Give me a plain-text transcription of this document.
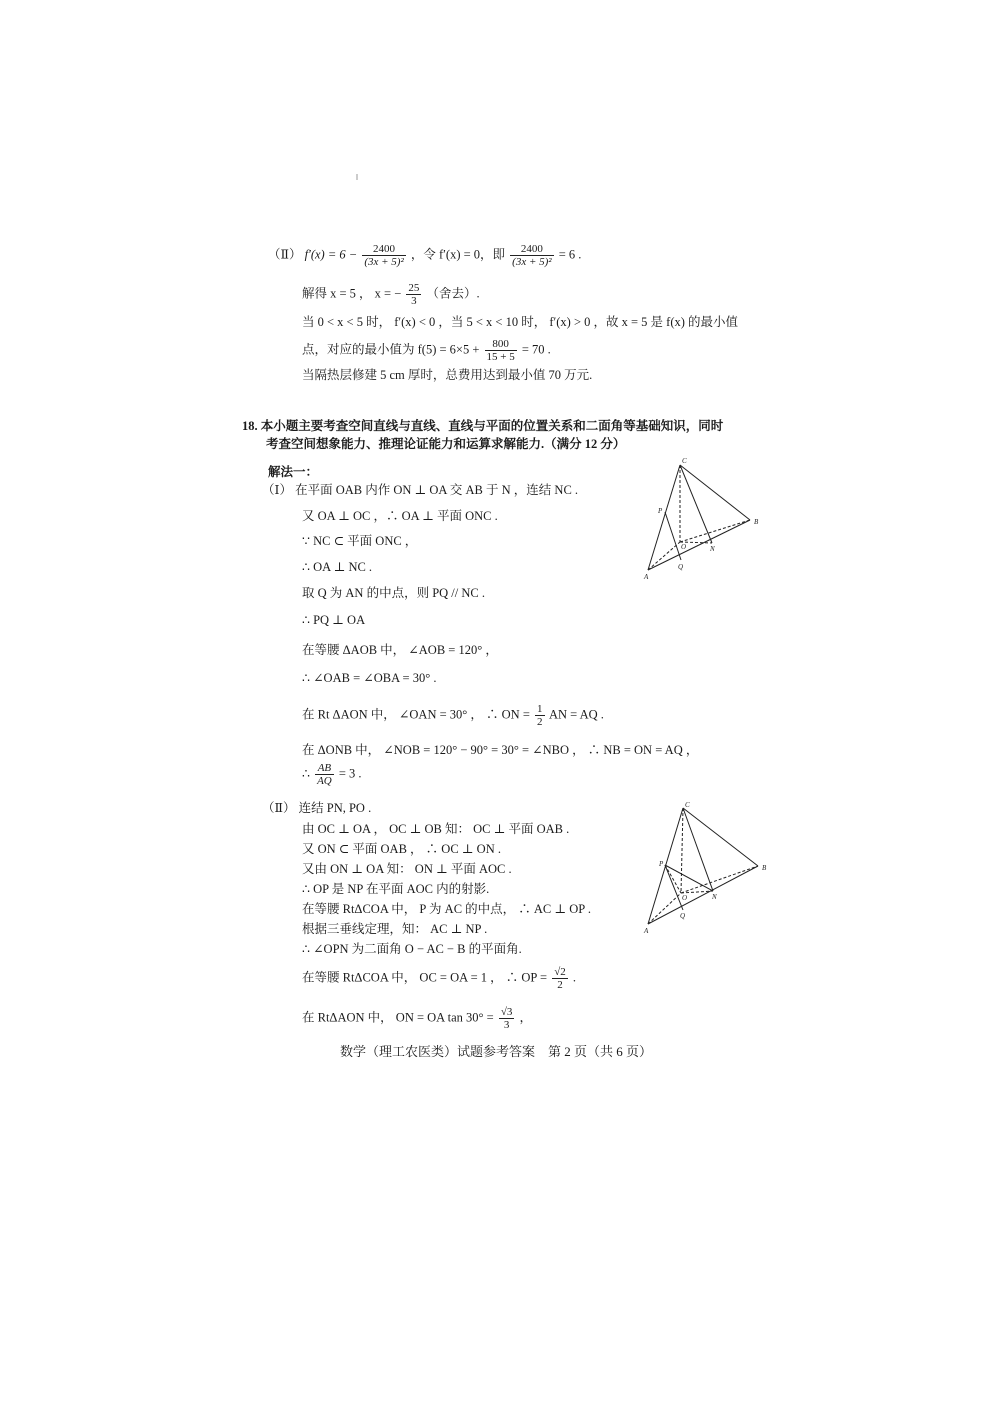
（Ⅱ） $f'(x) = 6 - \frac{2400}{\text{(3x + 5)²}}$ ，令 f′(x) = 0，即 $\frac{2400}{\text{(3x + 5)²}} = 6$ .
解得 x = 5 ， x = − $\frac{25}{3}$ （舍去）.
当 0 < x < 5 时， f′(x) < 0 ，当 5 < x < 10 时， f′(x) > 0 ，故 x = 5 是 f(x) 的最小值
点，对应的最小值为 $f(5) = 6\times 5 + \frac{800}{15 + 5} = 70$ .
当隔热层修建 5 cm 厚时，总费用达到最小值 70 万元.
18. 本小题主要考查空间直线与直线、直线与平面的位置关系和二面角等基础知识，同时
考查空间想象能力、推理论证能力和运算求解能力.（满分 12 分）
解法一：
（Ⅰ） 在平面 OAB 内作 ON ⊥ OA 交 AB 于 N ，连结 NC .
又 OA ⊥ OC ，∴ OA ⊥ 平面 ONC .
∵ NC ⊂ 平面 ONC ，
∴ OA ⊥ NC .
取 Q 为 AN 的中点，则 PQ // NC .
∴ PQ ⊥ OA
在等腰 ΔAOB 中， ∠AOB = 120° ，
∴ ∠OAB = ∠OBA = 30° .
在 Rt ΔAON 中， ∠OAN = 30° ， ∴ ON = $\frac{1}{2}$ AN = AQ .
在 ΔONB 中， ∠NOB = 120° − 90° = 30° = ∠NBO ， ∴ NB = ON = AQ ，
∴ $\frac{AB}{AQ} = 3$ .
（Ⅱ） 连结 PN, PO .
由 OC ⊥ OA ， OC ⊥ OB 知： OC ⊥ 平面 OAB .
又 ON ⊂ 平面 OAB ， ∴ OC ⊥ ON .
又由 ON ⊥ OA 知： ON ⊥ 平面 AOC .
∴ OP 是 NP 在平面 AOC 内的射影.
在等腰 RtΔCOA 中， P 为 AC 的中点， ∴ AC ⊥ OP .
根据三垂线定理，知： AC ⊥ NP .
∴ ∠OPN 为二面角 O − AC − B 的平面角.
在等腰 RtΔCOA 中， OC = OA = 1 ， ∴ OP = $\frac{√2}{2}$ .
在 RtΔAON 中， ON = OA $\tan 30^\circ = \frac{√3}{3}$ ，
数学（理工农医类）试题参考答案　第 2 页（共 6 页）
C
B
A
P
O	N
Q
C
B
A
P
O	N
Q
